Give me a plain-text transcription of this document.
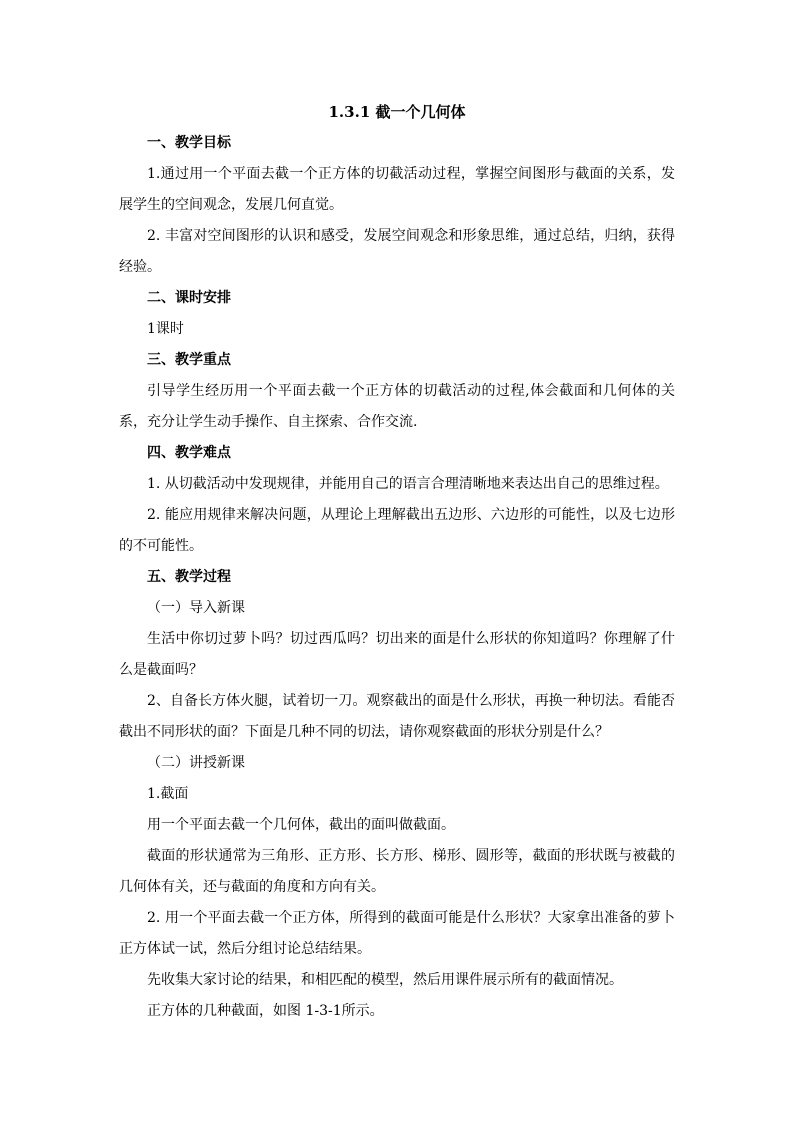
1.3.1 截一个几何体

一、教学目标

1.通过用一个平面去截一个正方体的切截活动过程，掌握空间图形与截面的关系，发展学生的空间观念，发展几何直觉。

2. 丰富对空间图形的认识和感受，发展空间观念和形象思维，通过总结，归纳，获得经验。

二、课时安排

1课时

三、教学重点

引导学生经历用一个平面去截一个正方体的切截活动的过程,体会截面和几何体的关系，充分让学生动手操作、自主探索、合作交流.

四、教学难点

1. 从切截活动中发现规律，并能用自己的语言合理清晰地来表达出自己的思维过程。

2. 能应用规律来解决问题，从理论上理解截出五边形、六边形的可能性，以及七边形的不可能性。

五、教学过程

（一）导入新课

生活中你切过萝卜吗？切过西瓜吗？切出来的面是什么形状的你知道吗？你理解了什么是截面吗？

2、自备长方体火腿，试着切一刀。观察截出的面是什么形状，再换一种切法。看能否截出不同形状的面？下面是几种不同的切法，请你观察截面的形状分别是什么？

（二）讲授新课

1.截面

用一个平面去截一个几何体，截出的面叫做截面。

截面的形状通常为三角形、正方形、长方形、梯形、圆形等，截面的形状既与被截的几何体有关，还与截面的角度和方向有关。

2. 用一个平面去截一个正方体，所得到的截面可能是什么形状？大家拿出准备的萝卜正方体试一试，然后分组讨论总结结果。

先收集大家讨论的结果，和相匹配的模型，然后用课件展示所有的截面情况。

正方体的几种截面，如图 1-3-1所示。
